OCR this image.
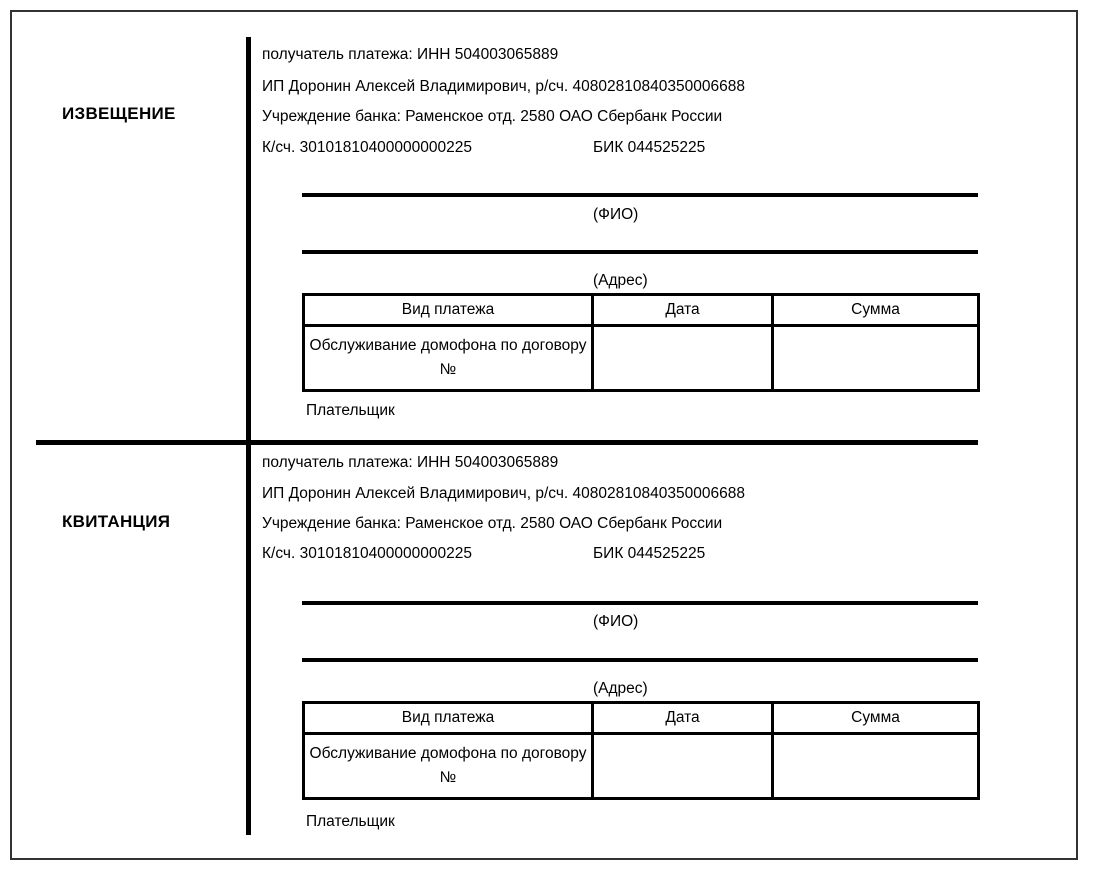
ИЗВЕЩЕНИЕ
получатель платежа: ИНН 504003065889
ИП Доронин Алексей Владимирович, р/сч. 40802810840350006688
Учреждение банка: Раменское отд. 2580 ОАО Сбербанк России
К/сч. 30101810400000000225	БИК 044525225
(ФИО)
(Адрес)
Вид платежа	Дата	Сумма
Обслуживание домофона по договору №		
Плательщик
КВИТАНЦИЯ
получатель платежа: ИНН 504003065889
ИП Доронин Алексей Владимирович, р/сч. 40802810840350006688
Учреждение банка: Раменское отд. 2580 ОАО Сбербанк России
К/сч. 30101810400000000225	БИК 044525225
(ФИО)
(Адрес)
Вид платежа	Дата	Сумма
Обслуживание домофона по договору №		
Плательщик
